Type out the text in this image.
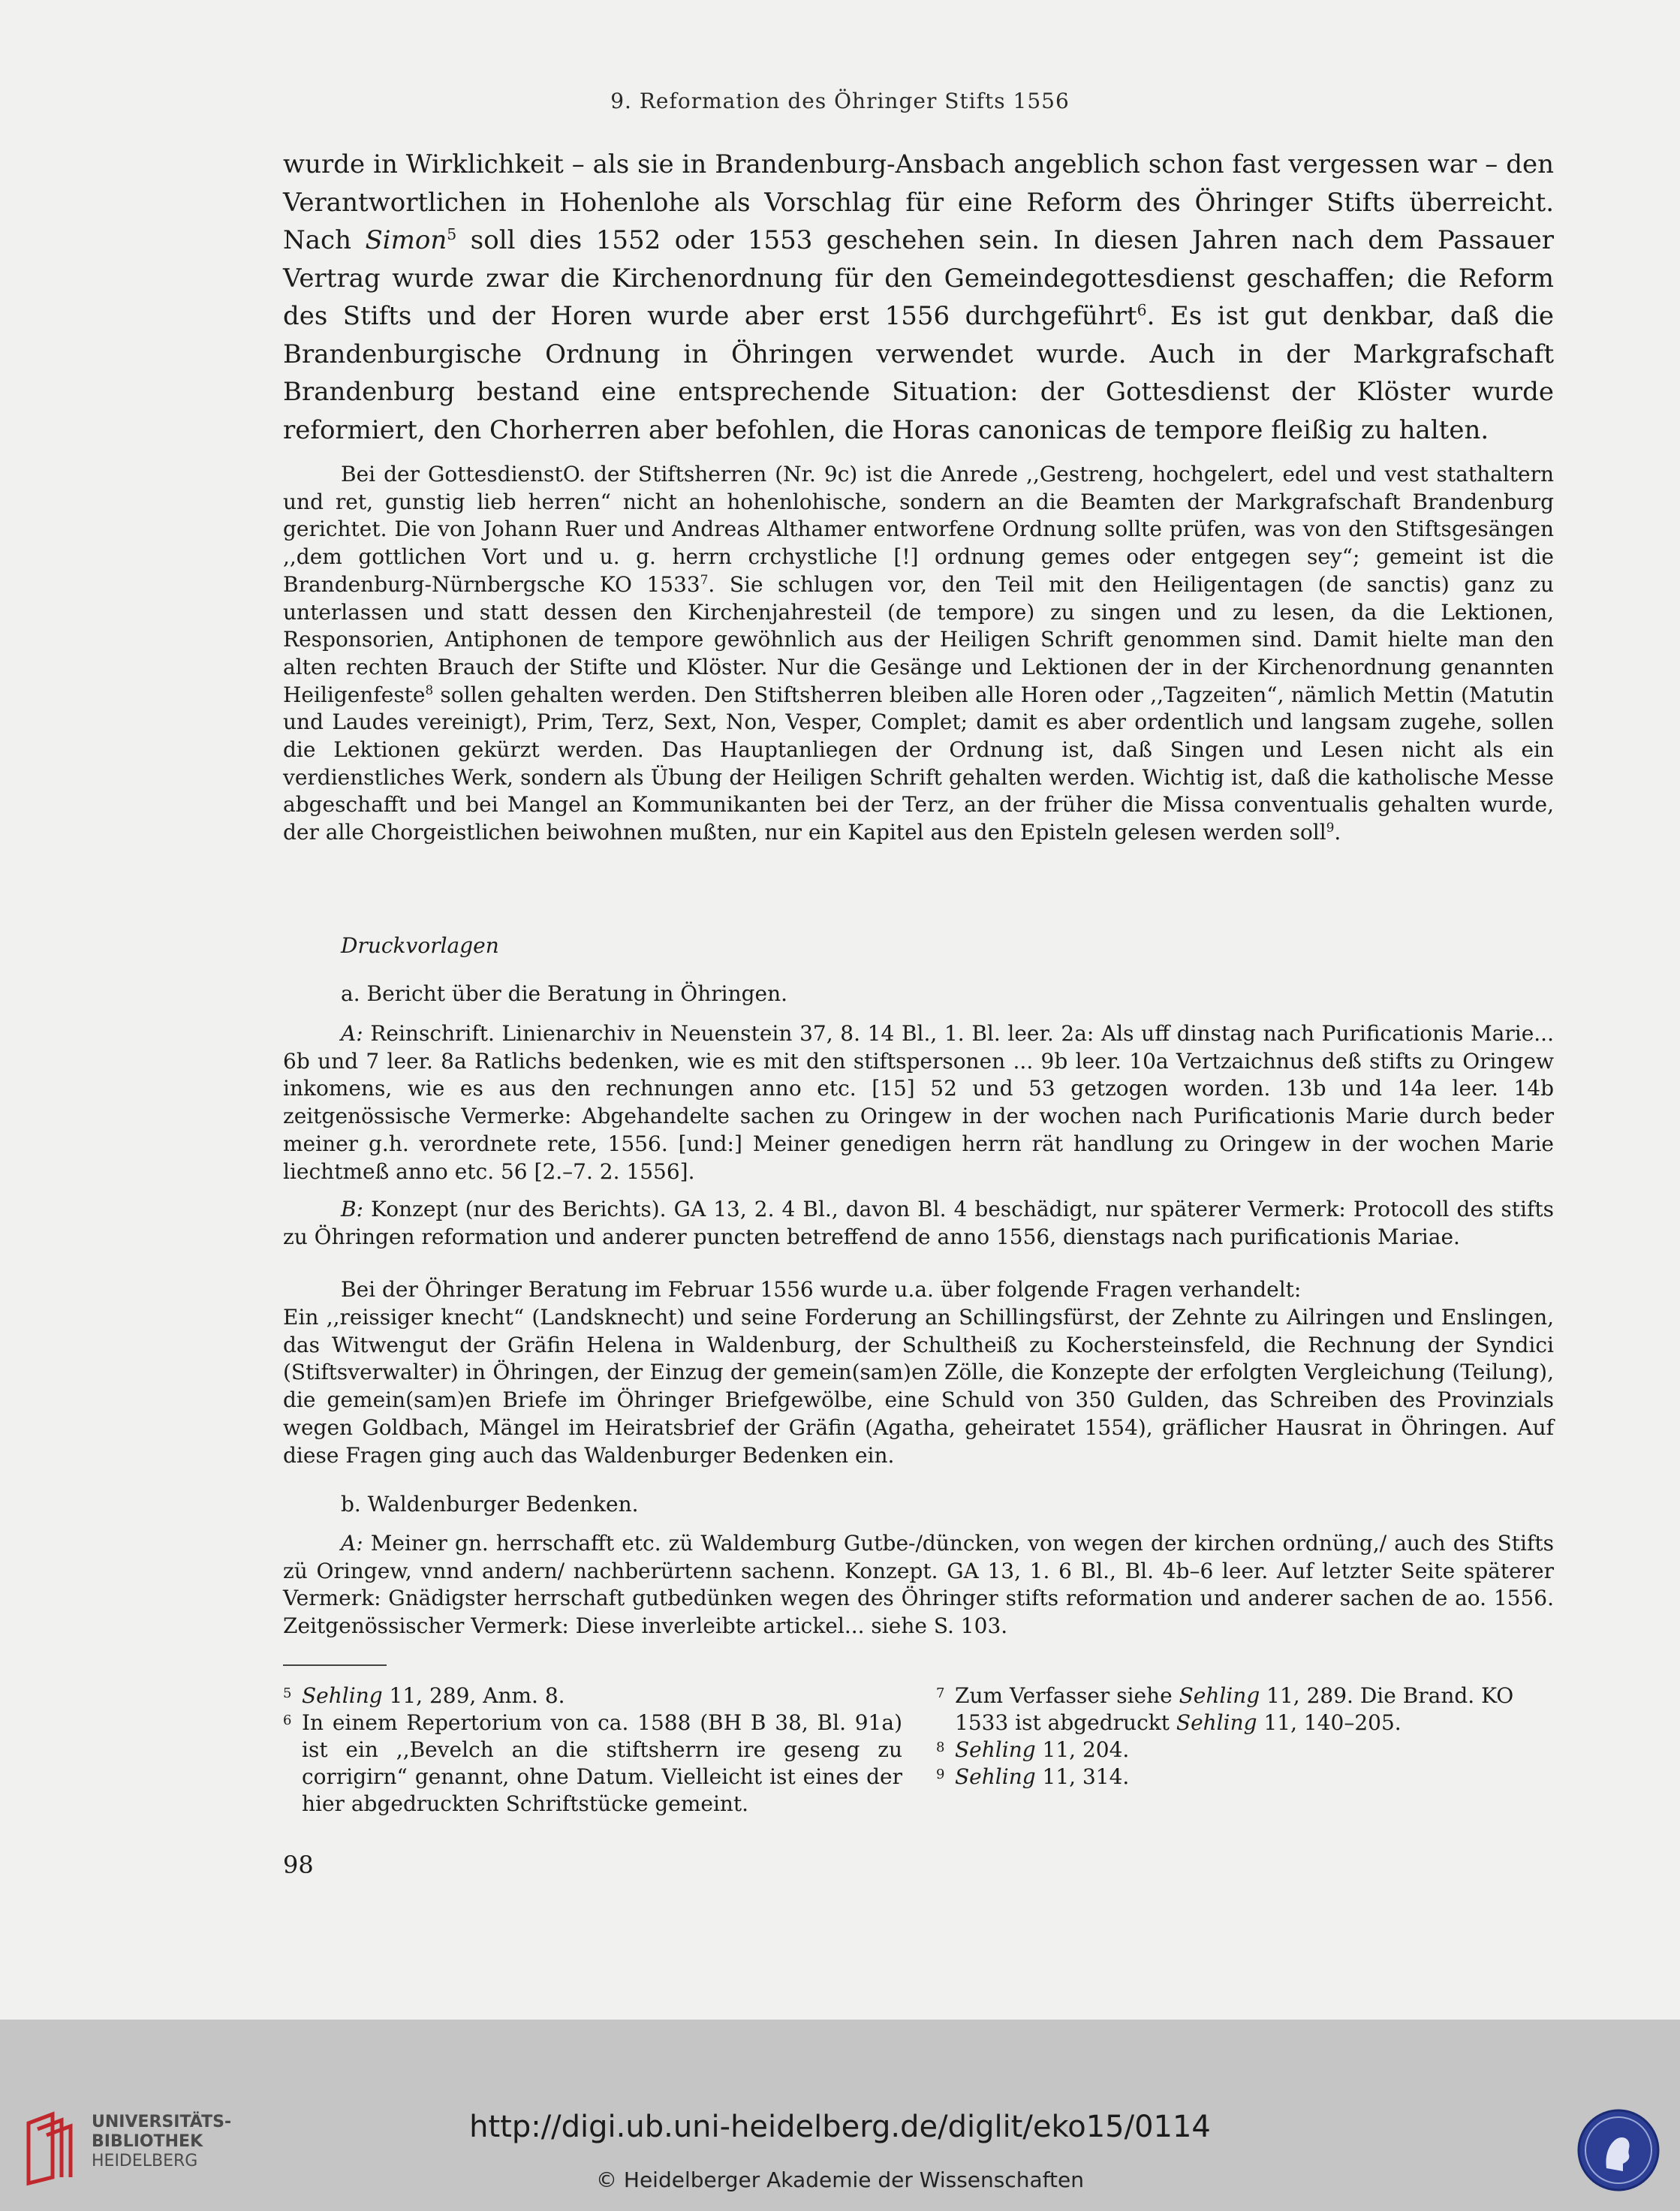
9. Reformation des Öhringer Stifts 1556

wurde in Wirklichkeit – als sie in Brandenburg-Ansbach angeblich schon fast vergessen war – den Verantwortlichen in Hohenlohe als Vorschlag für eine Reform des Öhringer Stifts überreicht. Nach Simon$^5$ soll dies 1552 oder 1553 geschehen sein. In diesen Jahren nach dem Passauer Vertrag wurde zwar die Kirchenordnung für den Gemeindegottesdienst geschaffen; die Reform des Stifts und der Horen wurde aber erst 1556 durchgeführt$^6$. Es ist gut denkbar, daß die Brandenburgische Ordnung in Öhringen verwendet wurde. Auch in der Markgrafschaft Brandenburg bestand eine entsprechende Situation: der Gottesdienst der Klöster wurde reformiert, den Chorherren aber befohlen, die Horas canonicas de tempore fleißig zu halten.

Bei der GottesdienstO. der Stiftsherren (Nr. 9c) ist die Anrede ,,Gestreng, hochgelert, edel und vest stathaltern und ret, gunstig lieb herren“ nicht an hohenlohische, sondern an die Beamten der Markgrafschaft Brandenburg gerichtet. Die von Johann Ruer und Andreas Althamer entworfene Ordnung sollte prüfen, was von den Stiftsgesängen ,,dem gottlichen Vort und u. g. herrn crchystliche [!] ordnung gemes oder entgegen sey“; gemeint ist die Brandenburg-Nürnbergsche KO 1533$^7$. Sie schlugen vor, den Teil mit den Heiligentagen (de sanctis) ganz zu unterlassen und statt dessen den Kirchenjahresteil (de tempore) zu singen und zu lesen, da die Lektionen, Responsorien, Antiphonen de tempore gewöhnlich aus der Heiligen Schrift genommen sind. Damit hielte man den alten rechten Brauch der Stifte und Klöster. Nur die Gesänge und Lektionen der in der Kirchenordnung genannten Heiligenfeste$^8$ sollen gehalten werden. Den Stiftsherren bleiben alle Horen oder ,,Tagzeiten“, nämlich Mettin (Matutin und Laudes vereinigt), Prim, Terz, Sext, Non, Vesper, Complet; damit es aber ordentlich und langsam zugehe, sollen die Lektionen gekürzt werden. Das Hauptanliegen der Ordnung ist, daß Singen und Lesen nicht als ein verdienstliches Werk, sondern als Übung der Heiligen Schrift gehalten werden. Wichtig ist, daß die katholische Messe abgeschafft und bei Mangel an Kommunikanten bei der Terz, an der früher die Missa conventualis gehalten wurde, der alle Chorgeistlichen beiwohnen mußten, nur ein Kapitel aus den Episteln gelesen werden soll$^9$.

Druckvorlagen

a. Bericht über die Beratung in Öhringen.

A: Reinschrift. Linienarchiv in Neuenstein 37, 8. 14 Bl., 1. Bl. leer. 2a: Als uff dinstag nach Purificationis Marie... 6b und 7 leer. 8a Ratlichs bedenken, wie es mit den stiftspersonen ... 9b leer. 10a Vertzaichnus deß stifts zu Oringew inkomens, wie es aus den rechnungen anno etc. [15] 52 und 53 getzogen worden. 13b und 14a leer. 14b zeitgenössische Vermerke: Abgehandelte sachen zu Oringew in der wochen nach Purificationis Marie durch beder meiner g.h. verordnete rete, 1556. [und:] Meiner genedigen herrn rät handlung zu Oringew in der wochen Marie liechtmeß anno etc. 56 [2.–7. 2. 1556].

B: Konzept (nur des Berichts). GA 13, 2. 4 Bl., davon Bl. 4 beschädigt, nur späterer Vermerk: Protocoll des stifts zu Öhringen reformation und anderer puncten betreffend de anno 1556, dienstags nach purificationis Mariae.

Bei der Öhringer Beratung im Februar 1556 wurde u.a. über folgende Fragen verhandelt:

Ein ,,reissiger knecht“ (Landsknecht) und seine Forderung an Schillingsfürst, der Zehnte zu Ailringen und Enslingen, das Witwengut der Gräfin Helena in Waldenburg, der Schultheiß zu Kochersteinsfeld, die Rechnung der Syndici (Stiftsverwalter) in Öhringen, der Einzug der gemein(sam)en Zölle, die Konzepte der erfolgten Vergleichung (Teilung), die gemein(sam)en Briefe im Öhringer Briefgewölbe, eine Schuld von 350 Gulden, das Schreiben des Provinzials wegen Goldbach, Mängel im Heiratsbrief der Gräfin (Agatha, geheiratet 1554), gräflicher Hausrat in Öhringen. Auf diese Fragen ging auch das Waldenburger Bedenken ein.

b. Waldenburger Bedenken.

A: Meiner gn. herrschafft etc. zü Waldemburg Gutbe-/düncken, von wegen der kirchen ordnüng,/ auch des Stifts zü Oringew, vnnd andern/ nachberürtenn sachenn. Konzept. GA 13, 1. 6 Bl., Bl. 4b–6 leer. Auf letzter Seite späterer Vermerk: Gnädigster herrschaft gutbedünken wegen des Öhringer stifts reformation und anderer sachen de ao. 1556. Zeitgenössischer Vermerk: Diese inverleibte artickel... siehe S. 103.

5 Sehling 11, 289, Anm. 8.
6 In einem Repertorium von ca. 1588 (BH B 38, Bl. 91a) ist ein ,,Bevelch an die stiftsherrn ire geseng zu corrigirn“ genannt, ohne Datum. Vielleicht ist eines der hier abgedruckten Schriftstücke gemeint.
7 Zum Verfasser siehe Sehling 11, 289. Die Brand. KO 1533 ist abgedruckt Sehling 11, 140–205.
8 Sehling 11, 204.
9 Sehling 11, 314.
98
UNIVERSITÄTS-
BIBLIOTHEK
HEIDELBERG
http://digi.ub.uni-heidelberg.de/diglit/eko15/0114
© Heidelberger Akademie der Wissenschaften
